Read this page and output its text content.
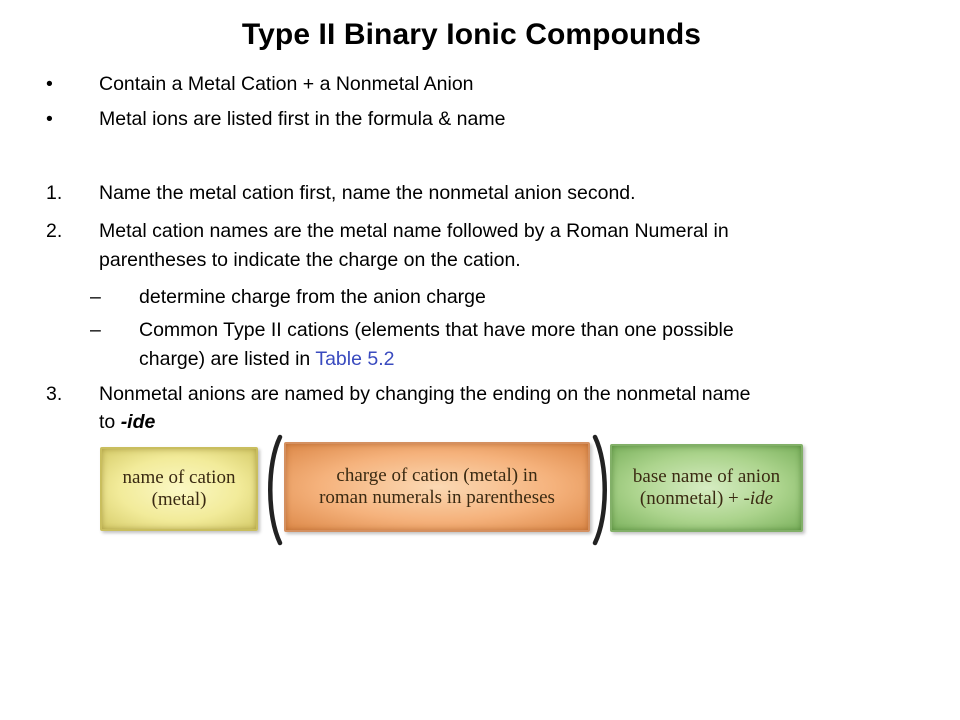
Type II Binary Ionic Compounds
• Contain a Metal Cation + a Nonmetal Anion
• Metal ions are listed first in the formula & name
1. Name the metal cation first, name the nonmetal anion second.
2. Metal cation names are the metal name followed by a Roman Numeral in
parentheses to indicate the charge on the cation.
– determine charge from the anion charge
– Common Type II cations (elements that have more than one possible
charge) are listed in Table 5.2
3. Nonmetal anions are named by changing the ending on the nonmetal name
to -ide
name of cation
(metal)
charge of cation (metal) in
roman numerals in parentheses
base name of anion
(nonmetal) + -ide
